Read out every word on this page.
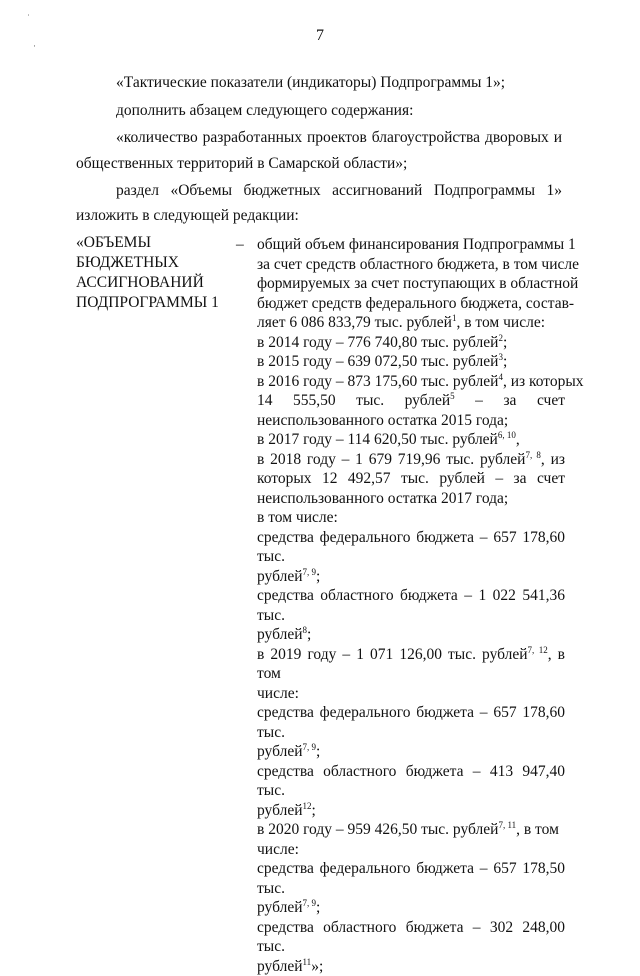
˙
·
7
«Тактические показатели (индикаторы) Подпрограммы 1»;
дополнить абзацем следующего содержания:
«количество разработанных проектов благоустройства дворовых и
общественных территорий в Самарской области»;
раздел «Объемы бюджетных ассигнований Подпрограммы 1»
изложить в следующей редакции:
«ОБЪЕМЫ
БЮДЖЕТНЫХ
АССИГНОВАНИЙ
ПОДПРОГРАММЫ 1
– общий объем финансирования Подпрограммы 1
за счет средств областного бюджета, в том числе
формируемых за счет поступающих в областной
бюджет средств федерального бюджета, состав-
ляет 6 086 833,79 тыс. рублей$^1$, в том числе:
в 2014 году – 776 740,80 тыс. рублей$^2$;
в 2015 году – 639 072,50 тыс. рублей$^3$;
в 2016 году – 873 175,60 тыс. рублей$^4$, из которых
14 555,50 тыс. рублей$^5$ – за счет
неиспользованного остатка 2015 года;
в 2017 году – 114 620,50 тыс. рублей$^{6, 10}$,
в 2018 году – 1 679 719,96 тыс. рублей$^{7, 8}$, из
которых 12 492,57 тыс. рублей – за счет
неиспользованного остатка 2017 года;
в том числе:
средства федерального бюджета – 657 178,60 тыс.
рублей$^{7, 9}$;
средства областного бюджета – 1 022 541,36 тыс.
рублей$^8$;
в 2019 году – 1 071 126,00 тыс. рублей$^{7, 12}$, в том
числе:
средства федерального бюджета – 657 178,60 тыс.
рублей$^{7, 9}$;
средства областного бюджета – 413 947,40 тыс.
рублей$^{12}$;
в 2020 году – 959 426,50 тыс. рублей$^{7, 11}$, в том
числе:
средства федерального бюджета – 657 178,50 тыс.
рублей$^{7, 9}$;
средства областного бюджета – 302 248,00 тыс.
рублей$^{11}$»;
